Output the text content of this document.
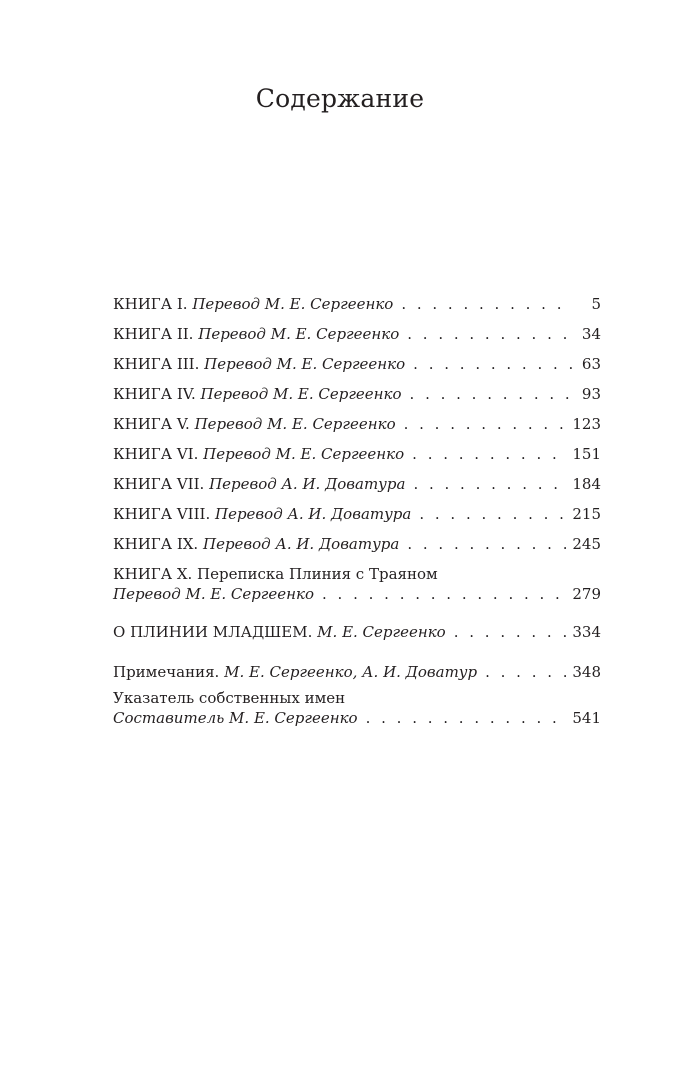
Содержание
КНИГА I. Перевод М. Е. Сергеенко . . .	5
КНИГА II. Перевод М. Е. Сергеенко . . .	34
КНИГА III. Перевод М. Е. Сергеенко . . .	63
КНИГА IV. Перевод М. Е. Сергеенко . . .	93
КНИГА V. Перевод М. Е. Сергеенко . . .	123
КНИГА VI. Перевод М. Е. Сергеенко . . .	151
КНИГА VII. Перевод А. И. Доватура . . .	184
КНИГА VIII. Перевод А. И. Доватура . . .	215
КНИГА IX. Перевод А. И. Доватура . . .	245
КНИГА X. Переписка Плиния с Траяном
Перевод М. Е. Сергеенко . . .	279
О ПЛИНИИ МЛАДШЕМ. М. Е. Сергеенко . . .	334
Примечания. М. Е. Сергеенко, А. И. Доватур . . .	348
Указатель собственных имен
Составитель М. Е. Сергеенко . . .	541
